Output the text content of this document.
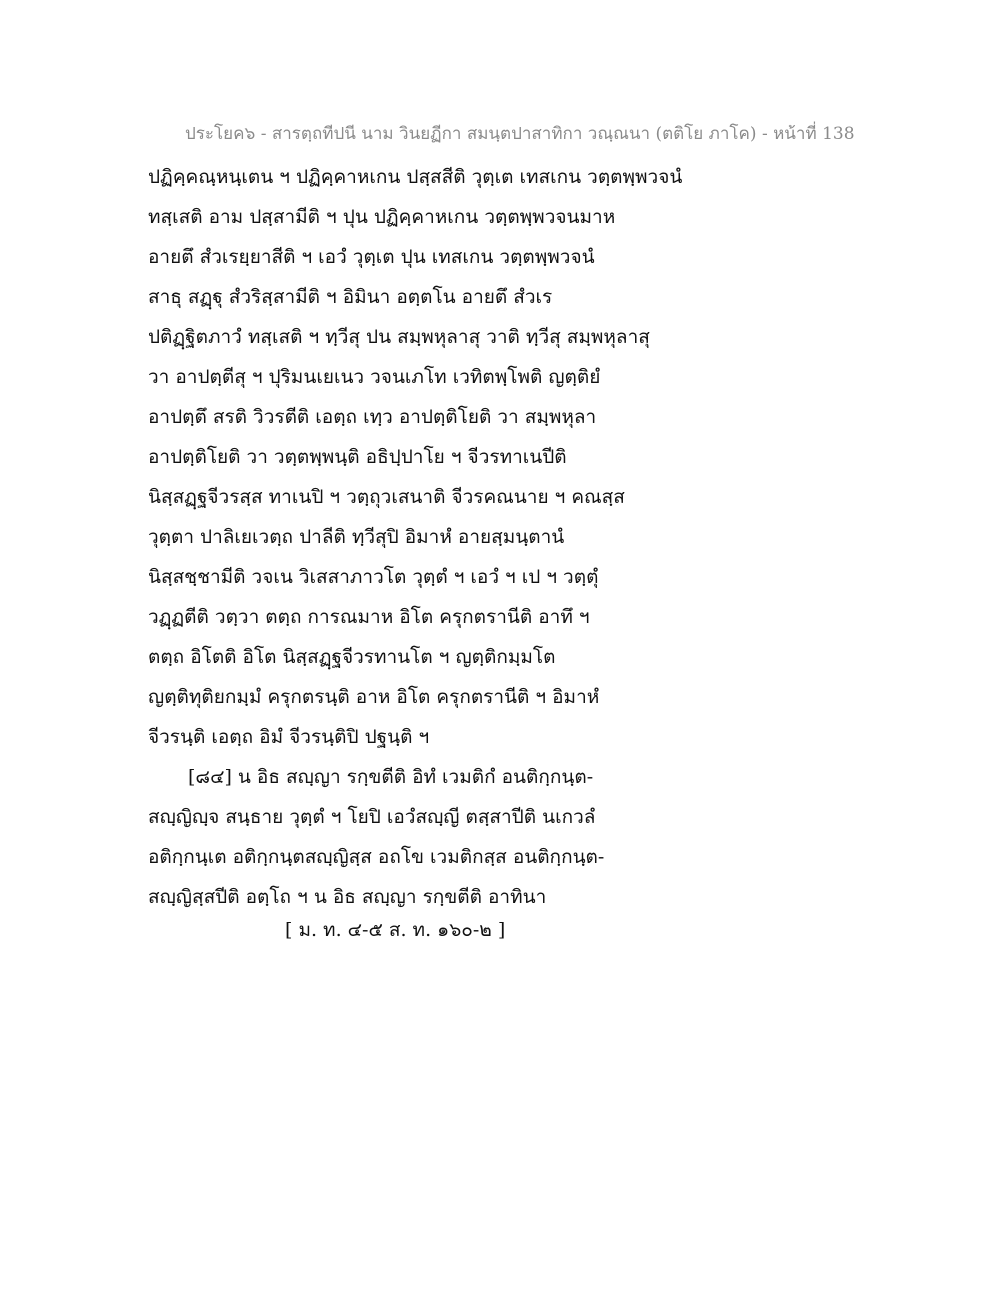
ประโยค๖ - สารตฺถทีปนี นาม วินยฏีกา สมนฺตปาสาทิกา วณฺณนา (ตติโย ภาโค) - หน้าที่ 138
ปฏิคฺคณฺหนฺเตน ฯ ปฏิคฺคาหเกน ปสฺสสีติ วุตฺเต เทสเกน วตฺตพฺพวจนํ
ทสฺเสติ อาม ปสฺสามีติ ฯ ปุน ปฏิคฺคาหเกน วตฺตพฺพวจนมาห
อายตึ สํวเรยฺยาสีติ ฯ เอวํ วุตฺเต ปุน เทสเกน วตฺตพฺพวจนํ
สาธุ สฏฺฐุ สํวริสฺสามีติ ฯ อิมินา อตฺตโน อายตึ สํวเร
ปติฏฺฐิตภาวํ ทสฺเสติ ฯ ทฺวีสุ ปน สมฺพหุลาสุ วาติ ทฺวีสุ สมฺพหุลาสุ
วา อาปตฺตีสุ ฯ ปุริมนเยเนว วจนเภโท เวทิตพฺโพติ ญตฺติยํ
อาปตฺตึ สรติ วิวรตีติ เอตฺถ เทฺว อาปตฺติโยติ วา สมฺพหุลา
อาปตฺติโยติ วา วตฺตพฺพนฺติ อธิปฺปาโย ฯ จีวรทาเนปีติ
นิสฺสฏฺฐจีวรสฺส ทาเนปิ ฯ วตฺถุวเสนาติ จีวรคณนาย ฯ คณสฺส
วุตฺตา ปาลิเยเวตฺถ ปาลีติ ทฺวีสุปิ อิมาหํ อายสฺมนฺตานํ
นิสฺสชฺชามีติ วจเน วิเสสาภาวโต วุตฺตํ ฯ เอวํ ฯ เป ฯ วตฺตุํ
วฏฺฏตีติ วตฺวา ตตฺถ การณมาห อิโต ครุกตรานีติ อาทึ ฯ
ตตฺถ อิโตติ อิโต นิสฺสฏฺฐจีวรทานโต ฯ ญตฺติกมฺมโต
ญตฺติทุติยกมฺมํ ครุกตรนฺติ อาห อิโต ครุกตรานีติ ฯ อิมาหํ
จีวรนฺติ เอตฺถ อิมํ จีวรนฺติปิ ปฐนฺติ ฯ
[๘๔] น อิธ สญฺญา รกฺขตีติ อิทํ เวมติกํ อนติกฺกนฺต-
สญฺญิญฺจ สนฺธาย วุตฺตํ ฯ โยปิ เอวํสญฺญี ตสฺสาปีติ นเกวลํ
อติกฺกนฺเต อติกฺกนฺตสญฺญิสฺส อถโข เวมติกสฺส อนติกฺกนฺต-
สญฺญิสฺสปีติ อตฺโถ ฯ น อิธ สญฺญา รกฺขตีติ อาทินา
[ ม. ท. ๔-๕ ส. ท. ๑๖๐-๒ ]
